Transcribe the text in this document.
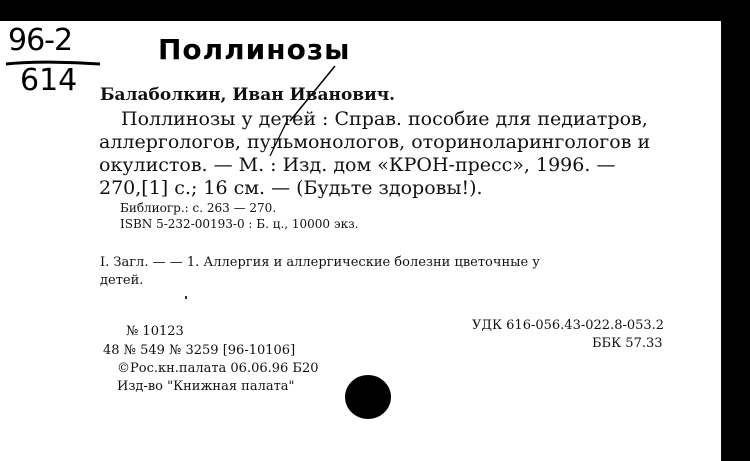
96-2
614
Поллинозы
Балаболкин, Иван Иванович.
Поллинозы у детей : Справ. пособие для педиатров,
аллергологов, пульмонологов, оториноларингологов и
окулистов. — М. : Изд. дом «КРОН-пресс», 1996. —
270,[1] с.; 16 см. — (Будьте здоровы!).
Библиогр.: с. 263 — 270.
ISBN 5-232-00193-0 : Б. ц., 10000 экз.
I. Загл. — — 1. Аллергия и аллергические болезни цветочные у
детей.
№ 10123
48 № 549 № 3259 [96-10106]
©Рос.кн.палата 06.06.96 Б20
Изд-во "Книжная палата"
УДК 616-056.43-022.8-053.2
ББК 57.33
